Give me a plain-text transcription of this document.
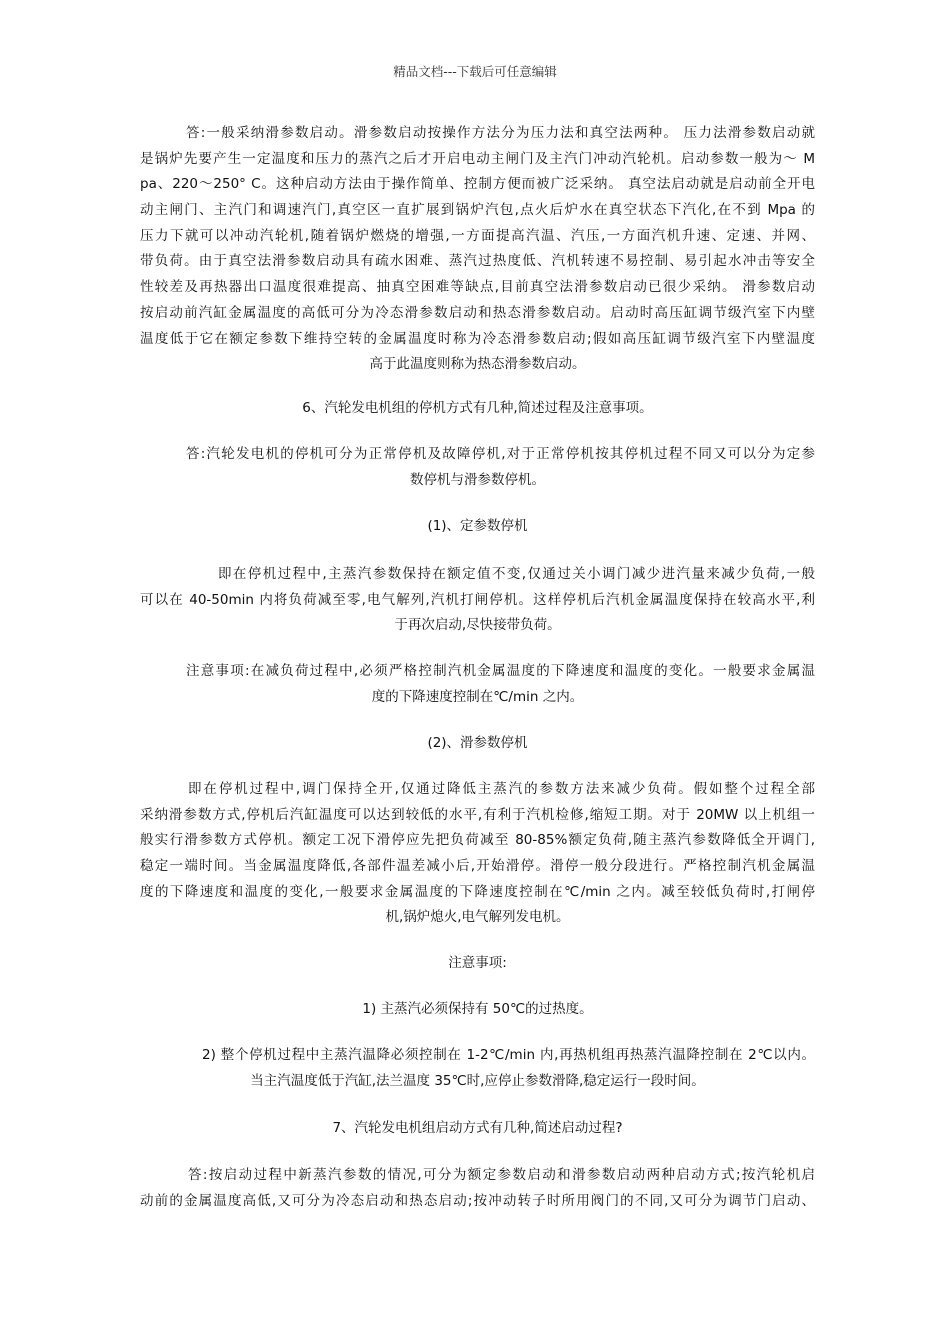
精品文档---下载后可任意编辑
答:一般采纳滑参数启动。滑参数启动按操作方法分为压力法和真空法两种。 压力法滑参数启动就
是锅炉先要产生一定温度和压力的蒸汽之后才开启电动主闸门及主汽门冲动汽轮机。启动参数一般为～ M
pa、220～250° C。这种启动方法由于操作简单、控制方便而被广泛采纳。 真空法启动就是启动前全开电
动主闸门、主汽门和调速汽门,真空区一直扩展到锅炉汽包,点火后炉水在真空状态下汽化,在不到 Mpa 的
压力下就可以冲动汽轮机,随着锅炉燃烧的增强,一方面提高汽温、汽压,一方面汽机升速、定速、并网、
带负荷。由于真空法滑参数启动具有疏水困难、蒸汽过热度低、汽机转速不易控制、易引起水冲击等安全
性较差及再热器出口温度很难提高、抽真空困难等缺点,目前真空法滑参数启动已很少采纳。 滑参数启动
按启动前汽缸金属温度的高低可分为冷态滑参数启动和热态滑参数启动。启动时高压缸调节级汽室下内壁
温度低于它在额定参数下维持空转的金属温度时称为冷态滑参数启动;假如高压缸调节级汽室下内壁温度
高于此温度则称为热态滑参数启动。
6、汽轮发电机组的停机方式有几种,简述过程及注意事项。
答:汽轮发电机的停机可分为正常停机及故障停机,对于正常停机按其停机过程不同又可以分为定参
数停机与滑参数停机。
(1)、定参数停机
即在停机过程中,主蒸汽参数保持在额定值不变,仅通过关小调门减少进汽量来减少负荷,一般
可以在 40-50min 内将负荷减至零,电气解列,汽机打闸停机。这样停机后汽机金属温度保持在较高水平,利
于再次启动,尽快接带负荷。
注意事项:在减负荷过程中,必须严格控制汽机金属温度的下降速度和温度的变化。一般要求金属温
度的下降速度控制在℃/min 之内。
(2)、滑参数停机
即在停机过程中,调门保持全开,仅通过降低主蒸汽的参数方法来减少负荷。假如整个过程全部
采纳滑参数方式,停机后汽缸温度可以达到较低的水平,有利于汽机检修,缩短工期。对于 20MW 以上机组一
般实行滑参数方式停机。额定工况下滑停应先把负荷减至 80-85%额定负荷,随主蒸汽参数降低全开调门,
稳定一端时间。当金属温度降低,各部件温差减小后,开始滑停。滑停一般分段进行。严格控制汽机金属温
度的下降速度和温度的变化,一般要求金属温度的下降速度控制在℃/min 之内。减至较低负荷时,打闸停
机,锅炉熄火,电气解列发电机。
注意事项:
1) 主蒸汽必须保持有 50℃的过热度。
2) 整个停机过程中主蒸汽温降必须控制在 1-2℃/min 内,再热机组再热蒸汽温降控制在 2℃以内。
当主汽温度低于汽缸,法兰温度 35℃时,应停止参数滑降,稳定运行一段时间。
7、汽轮发电机组启动方式有几种,简述启动过程?
答:按启动过程中新蒸汽参数的情况,可分为额定参数启动和滑参数启动两种启动方式;按汽轮机启
动前的金属温度高低,又可分为冷态启动和热态启动;按冲动转子时所用阀门的不同,又可分为调节门启动、
